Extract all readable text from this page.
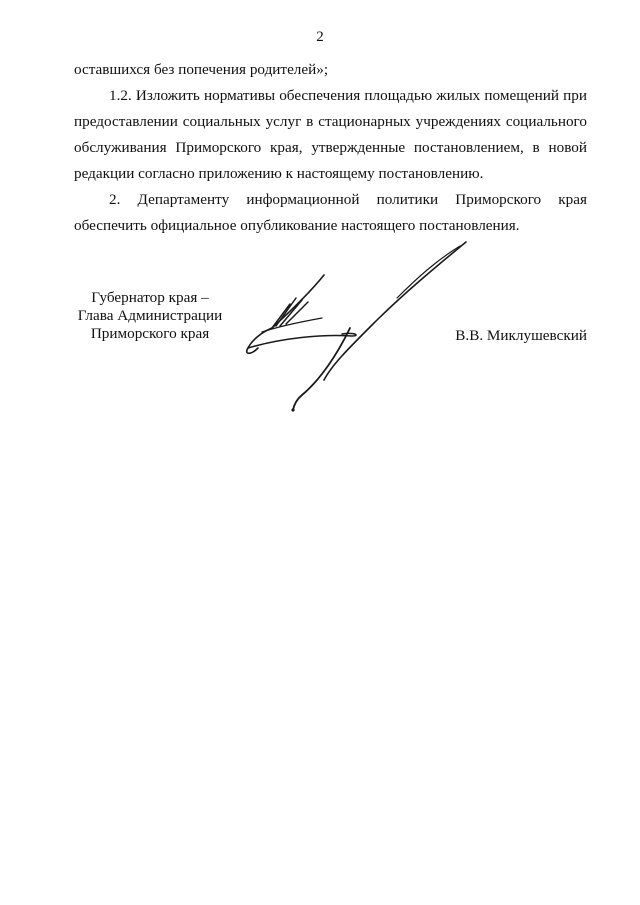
2

оставшихся без попечения родителей»;

1.2. Изложить нормативы обеспечения площадью жилых помещений при предоставлении социальных услуг в стационарных учреждениях социального обслуживания Приморского края, утвержденные постановлением, в новой редакции согласно приложению к настоящему постановлению.

2. Департаменту информационной политики Приморского края обеспечить официальное опубликование настоящего постановления.

Губернатор края –
Глава Администрации
Приморского края	В.В. Миклушевский
